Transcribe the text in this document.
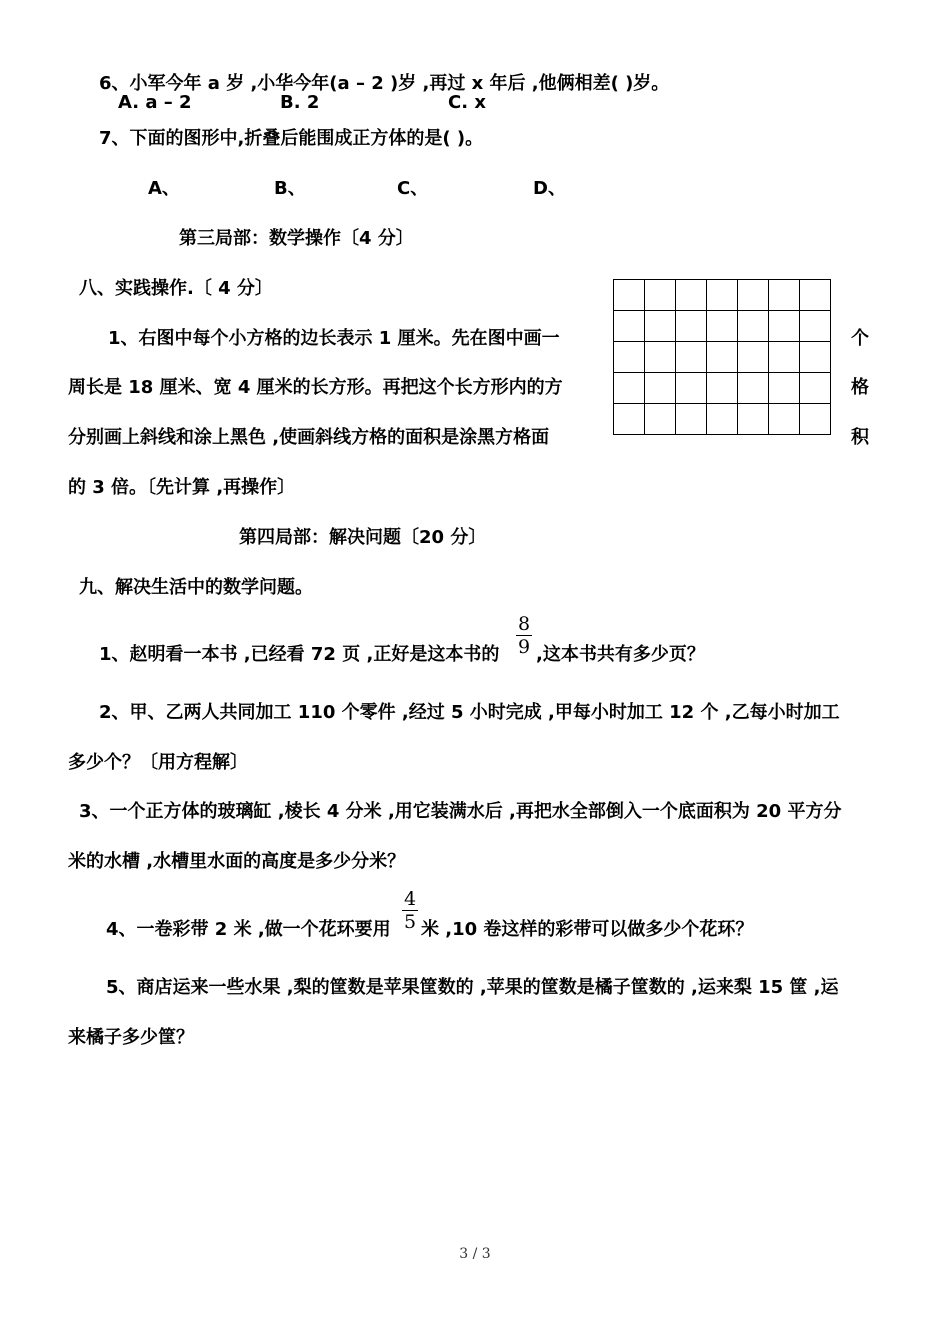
6、小军今年 a 岁 ,小华今年(a – 2 )岁 ,再过 x 年后 ,他俩相差( )岁。
A. a – 2	B. 2	C. x
7、下面的图形中,折叠后能围成正方体的是( )。
A、	B、	C、	D、
第三局部：数学操作〔4 分〕
八、实践操作.〔 4 分〕
1、右图中每个小方格的边长表示 1 厘米。先在图中画一
周长是 18 厘米、宽 4 厘米的长方形。再把这个长方形内的方
分别画上斜线和涂上黑色 ,使画斜线方格的面积是涂黑方格面
的 3 倍。〔先计算 ,再操作〕
个
格
积

第四局部：解决问题〔20 分〕
九、解决生活中的数学问题。
1、赵明看一本书 ,已经看 72 页 ,正好是这本书的
8
9 ,这本书共有多少页？
2、甲、乙两人共同加工 110 个零件 ,经过 5 小时完成 ,甲每小时加工 12 个 ,乙每小时加工
多少个？〔用方程解〕
3、一个正方体的玻璃缸 ,棱长 4 分米 ,用它装满水后 ,再把水全部倒入一个底面积为 20 平方分
米的水槽 ,水槽里水面的高度是多少分米？
4、一卷彩带 2 米 ,做一个花环要用
4
5 米 ,10 卷这样的彩带可以做多少个花环？
5、商店运来一些水果 ,梨的筐数是苹果筐数的 ,苹果的筐数是橘子筐数的 ,运来梨 15 筐 ,运
来橘子多少筐？
3 / 3
